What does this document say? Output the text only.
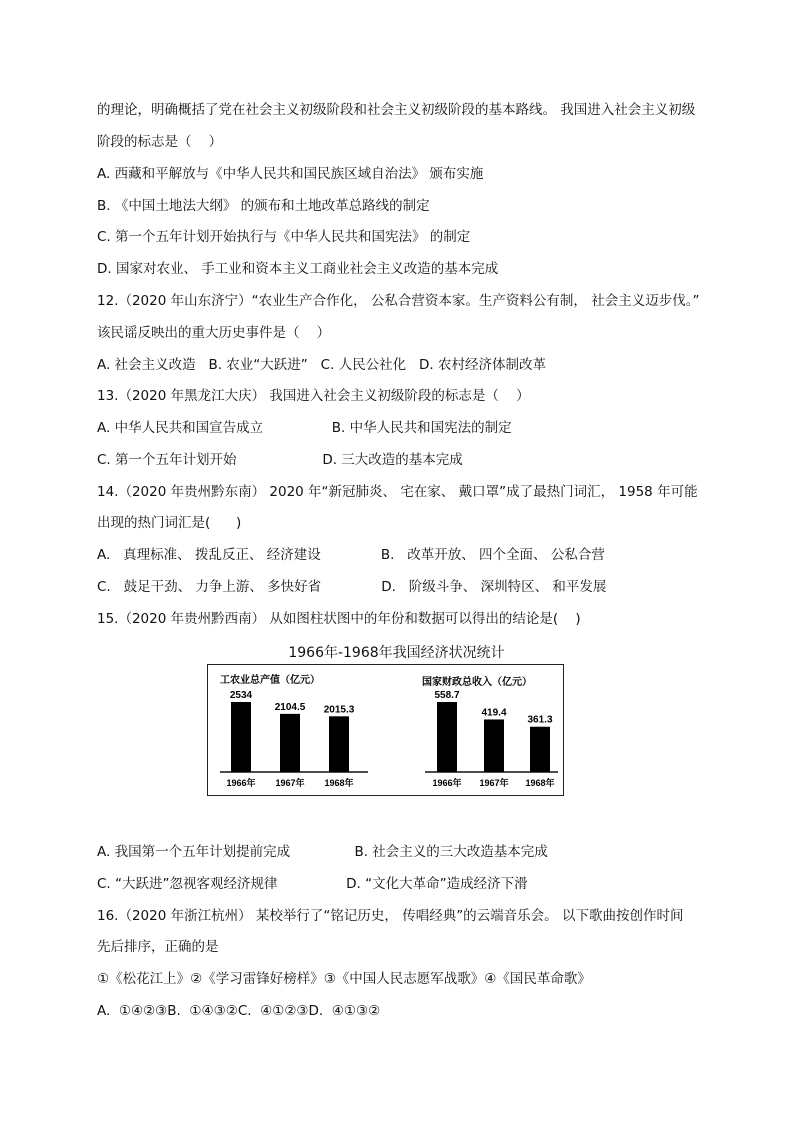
的理论，明确概括了党在社会主义初级阶段和社会主义初级阶段的基本路线。 我国进入社会主义初级
阶段的标志是（    ）
A. 西藏和平解放与《中华人民共和国民族区域自治法》 颁布实施
B. 《中国土地法大纲》 的颁布和土地改革总路线的制定
C. 第一个五年计划开始执行与《中华人民共和国宪法》 的制定
D. 国家对农业、 手工业和资本主义工商业社会主义改造的基本完成
12.（2020 年山东济宁）“农业生产合作化， 公私合营资本家。生产资料公有制， 社会主义迈步伐。”
该民谣反映出的重大历史事件是（    ）
A. 社会主义改造   B. 农业“大跃进”   C. 人民公社化   D. 农村经济体制改革
13.（2020 年黑龙江大庆） 我国进入社会主义初级阶段的标志是（    ）
A. 中华人民共和国宣告成立                B. 中华人民共和国宪法的制定
C. 第一个五年计划开始                    D. 三大改造的基本完成
14.（2020 年贵州黔东南） 2020 年“新冠肺炎、 宅在家、 戴口罩”成了最热门词汇， 1958 年可能
出现的热门词汇是(      )
A.   真理标准、 拨乱反正、 经济建设              B.   改革开放、 四个全面、 公私合营
C.   鼓足干劲、 力争上游、 多快好省              D.   阶级斗争、 深圳特区、 和平发展
15.（2020 年贵州黔西南） 从如图柱状图中的年份和数据可以得出的结论是(    )
1966年-1968年我国经济状况统计
工农业总产值（亿元）
2534
1966年
2104.5
1967年
2015.3
1968年
国家财政总收入（亿元）
558.7
1966年
419.4
1967年
361.3
1968年
A. 我国第一个五年计划提前完成               B. 社会主义的三大改造基本完成
C. “大跃进”忽视客观经济规律                D. “文化大革命”造成经济下滑
16.（2020 年浙江杭州） 某校举行了“铭记历史， 传唱经典”的云端音乐会。 以下歌曲按创作时间
先后排序，正确的是
①《松花江上》②《学习雷锋好榜样》③《中国人民志愿军战歌》④《国民革命歌》
A.  ①④②③B.  ①④③②C.  ④①②③D.  ④①③②
